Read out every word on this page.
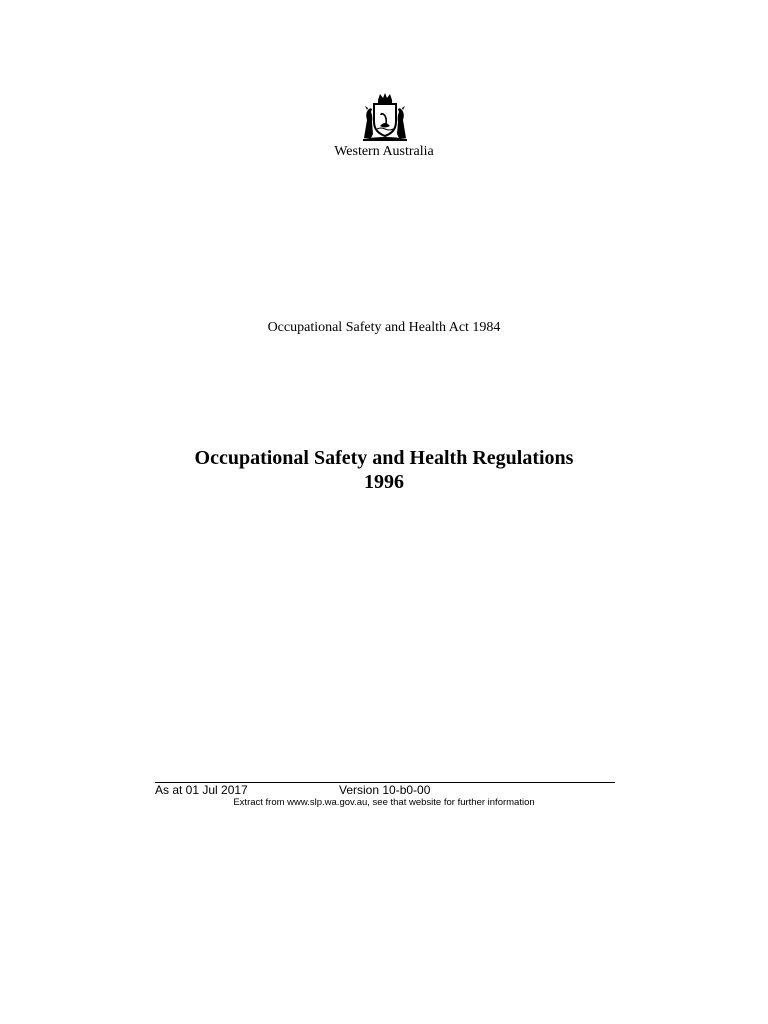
Western Australia
Occupational Safety and Health Act 1984
Occupational Safety and Health Regulations
1996
As at 01 Jul 2017	Version 10-b0-00
Extract from www.slp.wa.gov.au, see that website for further information
